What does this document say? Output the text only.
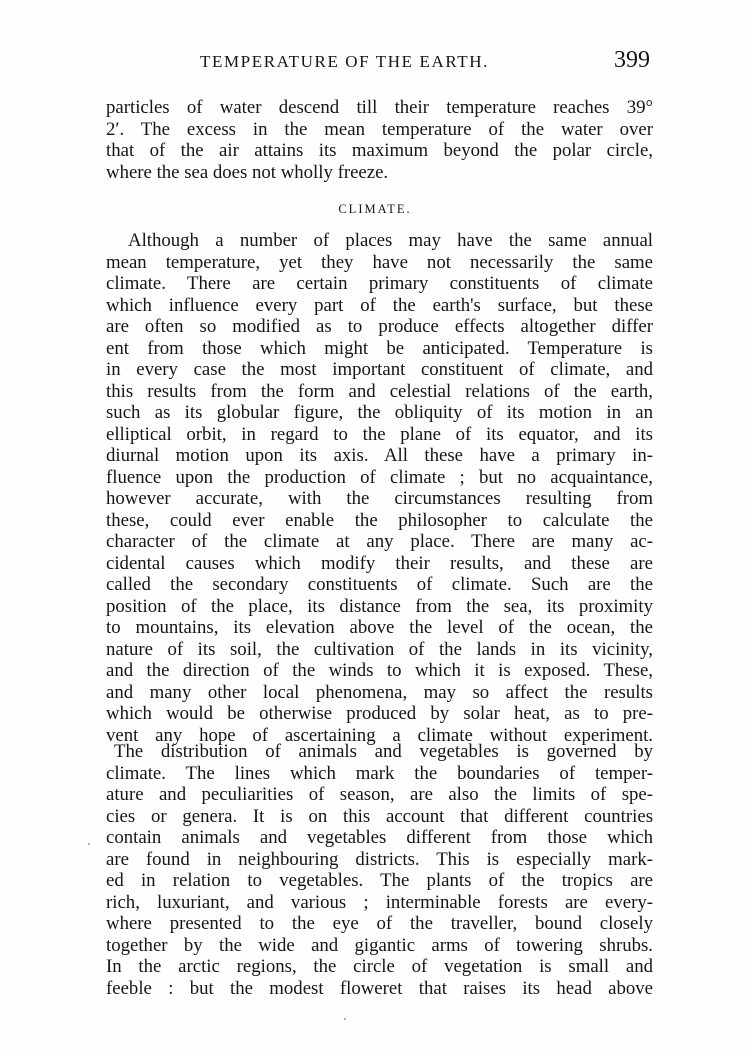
TEMPERATURE OF THE EARTH.	399
particles of water descend till their temperature reaches 39°
2′. The excess in the mean temperature of the water over
that of the air attains its maximum beyond the polar circle,
where the sea does not wholly freeze.
CLIMATE.
Although a number of places may have the same annual
mean temperature, yet they have not necessarily the same
climate. There are certain primary constituents of climate
which influence every part of the earth's surface, but these
are often so modified as to produce effects altogether differ
ent from those which might be anticipated. Temperature is
in every case the most important constituent of climate, and
this results from the form and celestial relations of the earth,
such as its globular figure, the obliquity of its motion in an
elliptical orbit, in regard to the plane of its equator, and its
diurnal motion upon its axis. All these have a primary in-
fluence upon the production of climate ; but no acquaintance,
however accurate, with the circumstances resulting from
these, could ever enable the philosopher to calculate the
character of the climate at any place. There are many ac-
cidental causes which modify their results, and these are
called the secondary constituents of climate. Such are the
position of the place, its distance from the sea, its proximity
to mountains, its elevation above the level of the ocean, the
nature of its soil, the cultivation of the lands in its vicinity,
and the direction of the winds to which it is exposed. These,
and many other local phenomena, may so affect the results
which would be otherwise produced by solar heat, as to pre-
vent any hope of ascertaining a climate without experiment.
The distribution of animals and vegetables is governed by
climate. The lines which mark the boundaries of temper-
ature and peculiarities of season, are also the limits of spe-
cies or genera. It is on this account that different countries
contain animals and vegetables different from those which
are found in neighbouring districts. This is especially mark-
ed in relation to vegetables. The plants of the tropics are
rich, luxuriant, and various ; interminable forests are every-
where presented to the eye of the traveller, bound closely
together by the wide and gigantic arms of towering shrubs.
In the arctic regions, the circle of vegetation is small and
feeble : but the modest floweret that raises its head above
